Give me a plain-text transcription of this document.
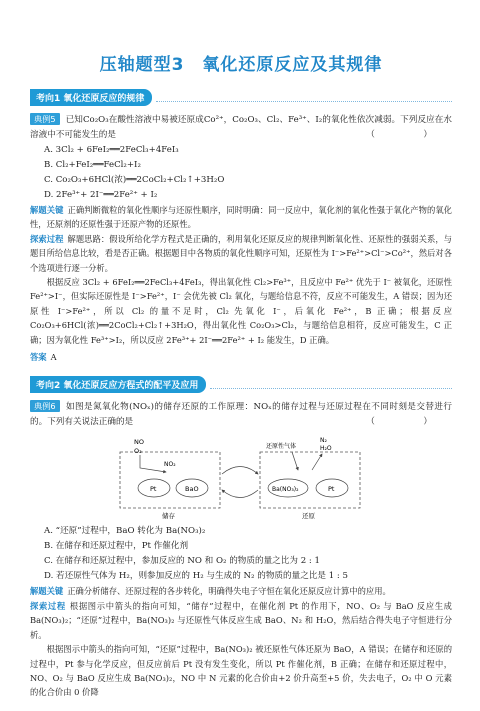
压轴题型3　氧化还原反应及其规律
考向1 氧化还原反应的规律

典例5 已知Co₂O₃在酸性溶液中易被还原成Co²⁺，Co₂O₃、Cl₂、Fe³⁺、I₂的氧化性依次减弱。下列反应在水溶液中不可能发生的是	（　）

A. 3Cl₂ + 6FeI₂══2FeCl₃+4FeI₃

B. Cl₂+FeI₂══FeCl₂+I₂

C. Co₂O₃+6HCl(浓)══2CoCl₂+Cl₂↑+3H₂O

D. 2Fe³⁺+ 2I⁻══2Fe²⁺ + I₂

解题关键 正确判断微粒的氧化性顺序与还原性顺序，同时明确：同一反应中，氧化剂的氧化性强于氧化产物的氧化性，还原剂的还原性强于还原产物的还原性。

探索过程 解题思路：假设所给化学方程式是正确的，利用氧化还原反应的规律判断氧化性、还原性的强弱关系，与题目所给信息比较，看是否正确。根据题目中各物质的氧化性顺序可知，还原性为 I⁻>Fe²⁺>Cl⁻>Co²⁺，然后对各个选项进行逐一分析。

根据反应 3Cl₂ + 6FeI₂══2FeCl₃+4FeI₃，得出氧化性 Cl₂>Fe³⁺，且反应中 Fe²⁺ 优先于 I⁻ 被氧化，还原性 Fe²⁺>I⁻，但实际还原性是 I⁻>Fe²⁺，I⁻ 会优先被 Cl₂ 氧化，与题给信息不符，反应不可能发生，A 错误；因为还原性 I⁻>Fe²⁺，所以 Cl₂ 的量不足时，Cl₂ 先氧化 I⁻，后氧化 Fe²⁺，B 正确；根据反应 Co₂O₃+6HCl(浓)══2CoCl₂+Cl₂↑+3H₂O，得出氧化性 Co₂O₃>Cl₂，与题给信息相符，反应可能发生，C 正确；因为氧化性 Fe³⁺>I₂，所以反应 2Fe³⁺+ 2I⁻══2Fe²⁺ + I₂ 能发生，D 正确。

答案 A

考向2 氧化还原反应方程式的配平及应用

典例6 如图是氮氧化物(NOₓ)的储存还原的工作原理：NOₓ的储存过程与还原过程在不同时刻是交替进行的。下列有关说法正确的是	（　）

NO
O₂
NO₂
Pt	BaO
储存
还原性气体
N₂
H₂O
Ba(NO₃)₂	Pt
还原

A. “还原”过程中，BaO 转化为 Ba(NO₃)₂

B. 在储存和还原过程中，Pt 作催化剂

C. 在储存和还原过程中，参加反应的 NO 和 O₂ 的物质的量之比为 2 : 1

D. 若还原性气体为 H₂，则参加反应的 H₂ 与生成的 N₂ 的物质的量之比是 1 : 5

解题关键 正确分析储存、还原过程的各步转化，明确得失电子守恒在氧化还原反应计算中的应用。

探索过程 根据图示中箭头的指向可知，“储存”过程中，在催化剂 Pt 的作用下，NO、O₂ 与 BaO 反应生成 Ba(NO₃)₂；“还原”过程中，Ba(NO₃)₂ 与还原性气体反应生成 BaO、N₂ 和 H₂O，然后结合得失电子守恒进行分析。

根据图示中箭头的指向可知，“还原”过程中，Ba(NO₃)₂ 被还原性气体还原为 BaO，A 错误；在储存和还原的过程中，Pt 参与化学反应，但反应前后 Pt 没有发生变化，所以 Pt 作催化剂，B 正确；在储存和还原过程中，NO、O₂ 与 BaO 反应生成 Ba(NO₃)₂，NO 中 N 元素的化合价由+2 价升高至+5 价，失去电子，O₂ 中 O 元素的化合价由 0 价降
